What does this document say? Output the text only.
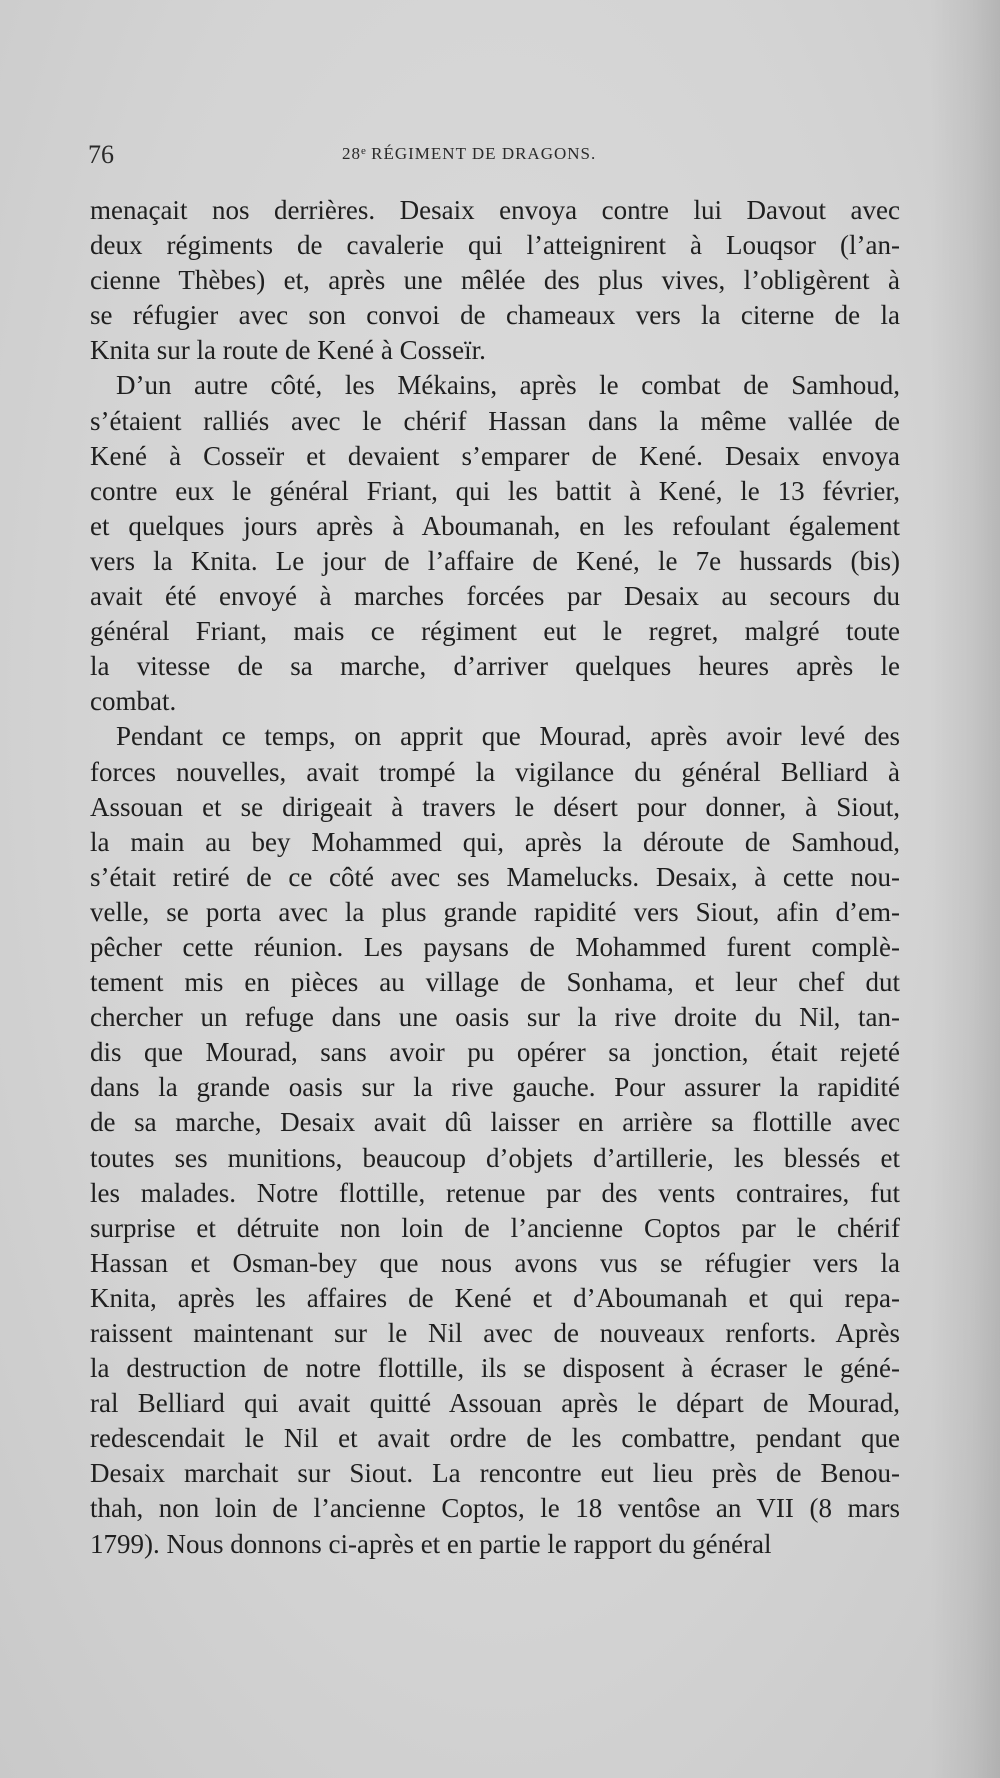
76	28e RÉGIMENT DE DRAGONS.
menaçait nos derrières. Desaix envoya contre lui Davout avec
deux régiments de cavalerie qui l’atteignirent à Louqsor (l’an-
cienne Thèbes) et, après une mêlée des plus vives, l’obligèrent à
se réfugier avec son convoi de chameaux vers la citerne de la
Knita sur la route de Kené à Cosseïr.
D’un autre côté, les Mékains, après le combat de Samhoud,
s’étaient ralliés avec le chérif Hassan dans la même vallée de
Kené à Cosseïr et devaient s’emparer de Kené. Desaix envoya
contre eux le général Friant, qui les battit à Kené, le 13 février,
et quelques jours après à Aboumanah, en les refoulant également
vers la Knita. Le jour de l’affaire de Kené, le 7e hussards (bis)
avait été envoyé à marches forcées par Desaix au secours du
général Friant, mais ce régiment eut le regret, malgré toute
la vitesse de sa marche, d’arriver quelques heures après le
combat.
Pendant ce temps, on apprit que Mourad, après avoir levé des
forces nouvelles, avait trompé la vigilance du général Belliard à
Assouan et se dirigeait à travers le désert pour donner, à Siout,
la main au bey Mohammed qui, après la déroute de Samhoud,
s’était retiré de ce côté avec ses Mamelucks. Desaix, à cette nou-
velle, se porta avec la plus grande rapidité vers Siout, afin d’em-
pêcher cette réunion. Les paysans de Mohammed furent complè-
tement mis en pièces au village de Sonhama, et leur chef dut
chercher un refuge dans une oasis sur la rive droite du Nil, tan-
dis que Mourad, sans avoir pu opérer sa jonction, était rejeté
dans la grande oasis sur la rive gauche. Pour assurer la rapidité
de sa marche, Desaix avait dû laisser en arrière sa flottille avec
toutes ses munitions, beaucoup d’objets d’artillerie, les blessés et
les malades. Notre flottille, retenue par des vents contraires, fut
surprise et détruite non loin de l’ancienne Coptos par le chérif
Hassan et Osman-bey que nous avons vus se réfugier vers la
Knita, après les affaires de Kené et d’Aboumanah et qui repa-
raissent maintenant sur le Nil avec de nouveaux renforts. Après
la destruction de notre flottille, ils se disposent à écraser le géné-
ral Belliard qui avait quitté Assouan après le départ de Mourad,
redescendait le Nil et avait ordre de les combattre, pendant que
Desaix marchait sur Siout. La rencontre eut lieu près de Benou-
thah, non loin de l’ancienne Coptos, le 18 ventôse an VII (8 mars
1799). Nous donnons ci-après et en partie le rapport du général
